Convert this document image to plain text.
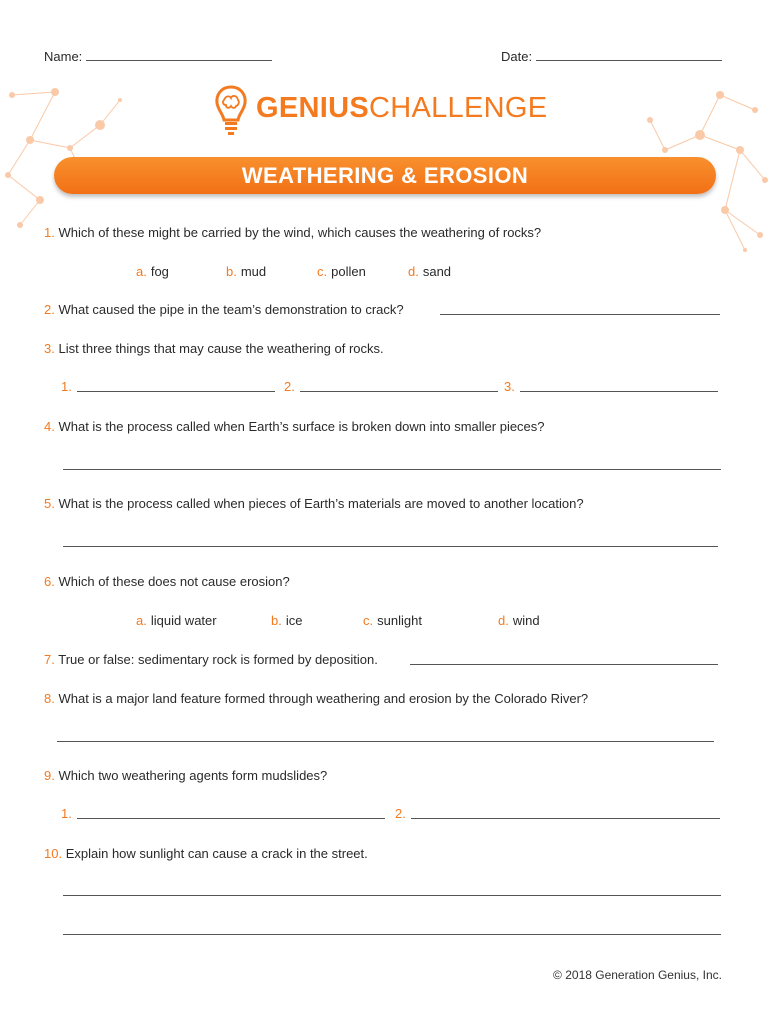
Name:	Date:
GENIUSCHALLENGE
WEATHERING & EROSION
1. Which of these might be carried by the wind, which causes the weathering of rocks?
a. fog	b. mud	c. pollen	d. sand
2. What caused the pipe in the team’s demonstration to crack?
3. List three things that may cause the weathering of rocks.
1.	2.	3.
4. What is the process called when Earth’s surface is broken down into smaller pieces?
5. What is the process called when pieces of Earth’s materials are moved to another location?
6. Which of these does not cause erosion?
a. liquid water	b. ice	c. sunlight	d. wind
7. True or false: sedimentary rock is formed by deposition.
8. What is a major land feature formed through weathering and erosion by the Colorado River?
9. Which two weathering agents form mudslides?
1.	2.
10. Explain how sunlight can cause a crack in the street.
© 2018 Generation Genius, Inc.
